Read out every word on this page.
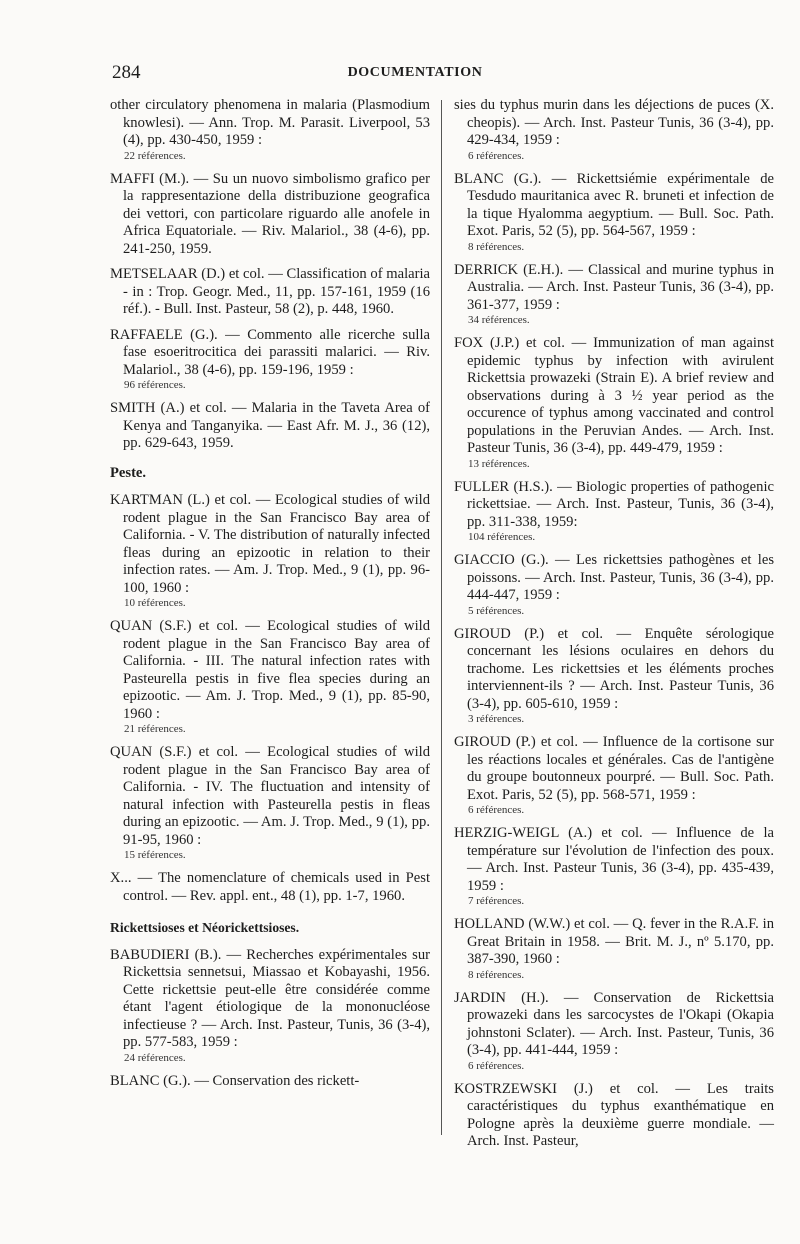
284	DOCUMENTATION
other circulatory phenomena in malaria (Plasmodium knowlesi). — Ann. Trop. M. Parasit. Liverpool, 53 (4), pp. 430-450, 1959 :
22 références.
MAFFI (M.). — Su un nuovo simbolismo grafico per la rappresentazione della distribuzione geografica dei vettori, con particolare riguardo alle anofele in Africa Equatoriale. — Riv. Malariol., 38 (4-6), pp. 241-250, 1959.
METSELAAR (D.) et col. — Classification of malaria - in : Trop. Geogr. Med., 11, pp. 157-161, 1959 (16 réf.). - Bull. Inst. Pasteur, 58 (2), p. 448, 1960.
RAFFAELE (G.). — Commento alle ricerche sulla fase esoeritrocitica dei parassiti malarici. — Riv. Malariol., 38 (4-6), pp. 159-196, 1959 :
96 références.
SMITH (A.) et col. — Malaria in the Taveta Area of Kenya and Tanganyika. — East Afr. M. J., 36 (12), pp. 629-643, 1959.
Peste.
KARTMAN (L.) et col. — Ecological studies of wild rodent plague in the San Francisco Bay area of California. - V. The distribution of naturally infected fleas during an epizootic in relation to their infection rates. — Am. J. Trop. Med., 9 (1), pp. 96-100, 1960 :
10 références.
QUAN (S.F.) et col. — Ecological studies of wild rodent plague in the San Francisco Bay area of California. - III. The natural infection rates with Pasteurella pestis in five flea species during an epizootic. — Am. J. Trop. Med., 9 (1), pp. 85-90, 1960 :
21 références.
QUAN (S.F.) et col. — Ecological studies of wild rodent plague in the San Francisco Bay area of California. - IV. The fluctuation and intensity of natural infection with Pasteurella pestis in fleas during an epizootic. — Am. J. Trop. Med., 9 (1), pp. 91-95, 1960 :
15 références.
X... — The nomenclature of chemicals used in Pest control. — Rev. appl. ent., 48 (1), pp. 1-7, 1960.
Rickettsioses et Néorickettsioses.
BABUDIERI (B.). — Recherches expérimentales sur Rickettsia sennetsui, Miassao et Kobayashi, 1956. Cette rickettsie peut-elle être considérée comme étant l'agent étiologique de la mononucléose infectieuse ? — Arch. Inst. Pasteur, Tunis, 36 (3-4), pp. 577-583, 1959 :
24 références.
BLANC (G.). — Conservation des rickett-
sies du typhus murin dans les déjections de puces (X. cheopis). — Arch. Inst. Pasteur Tunis, 36 (3-4), pp. 429-434, 1959 :
6 références.
BLANC (G.). — Rickettsiémie expérimentale de Tesdudo mauritanica avec R. bruneti et infection de la tique Hyalomma aegyptium. — Bull. Soc. Path. Exot. Paris, 52 (5), pp. 564-567, 1959 :
8 références.
DERRICK (E.H.). — Classical and murine typhus in Australia. — Arch. Inst. Pasteur Tunis, 36 (3-4), pp. 361-377, 1959 :
34 références.
FOX (J.P.) et col. — Immunization of man against epidemic typhus by infection with avirulent Rickettsia prowazeki (Strain E). A brief review and observations during à 3 ½ year period as the occurence of typhus among vaccinated and control populations in the Peruvian Andes. — Arch. Inst. Pasteur Tunis, 36 (3-4), pp. 449-479, 1959 :
13 références.
FULLER (H.S.). — Biologic properties of pathogenic rickettsiae. — Arch. Inst. Pasteur, Tunis, 36 (3-4), pp. 311-338, 1959:
104 références.
GIACCIO (G.). — Les rickettsies pathogènes et les poissons. — Arch. Inst. Pasteur, Tunis, 36 (3-4), pp. 444-447, 1959 :
5 références.
GIROUD (P.) et col. — Enquête sérologique concernant les lésions oculaires en dehors du trachome. Les rickettsies et les éléments proches interviennent-ils ? — Arch. Inst. Pasteur Tunis, 36 (3-4), pp. 605-610, 1959 :
3 références.
GIROUD (P.) et col. — Influence de la cortisone sur les réactions locales et générales. Cas de l'antigène du groupe boutonneux pourpré. — Bull. Soc. Path. Exot. Paris, 52 (5), pp. 568-571, 1959 :
6 références.
HERZIG-WEIGL (A.) et col. — Influence de la température sur l'évolution de l'infection des poux. — Arch. Inst. Pasteur Tunis, 36 (3-4), pp. 435-439, 1959 :
7 références.
HOLLAND (W.W.) et col. — Q. fever in the R.A.F. in Great Britain in 1958. — Brit. M. J., nº 5.170, pp. 387-390, 1960 :
8 références.
JARDIN (H.). — Conservation de Rickettsia prowazeki dans les sarcocystes de l'Okapi (Okapia johnstoni Sclater). — Arch. Inst. Pasteur, Tunis, 36 (3-4), pp. 441-444, 1959 :
6 références.
KOSTRZEWSKI (J.) et col. — Les traits caractéristiques du typhus exanthématique en Pologne après la deuxième guerre mondiale. — Arch. Inst. Pasteur,
